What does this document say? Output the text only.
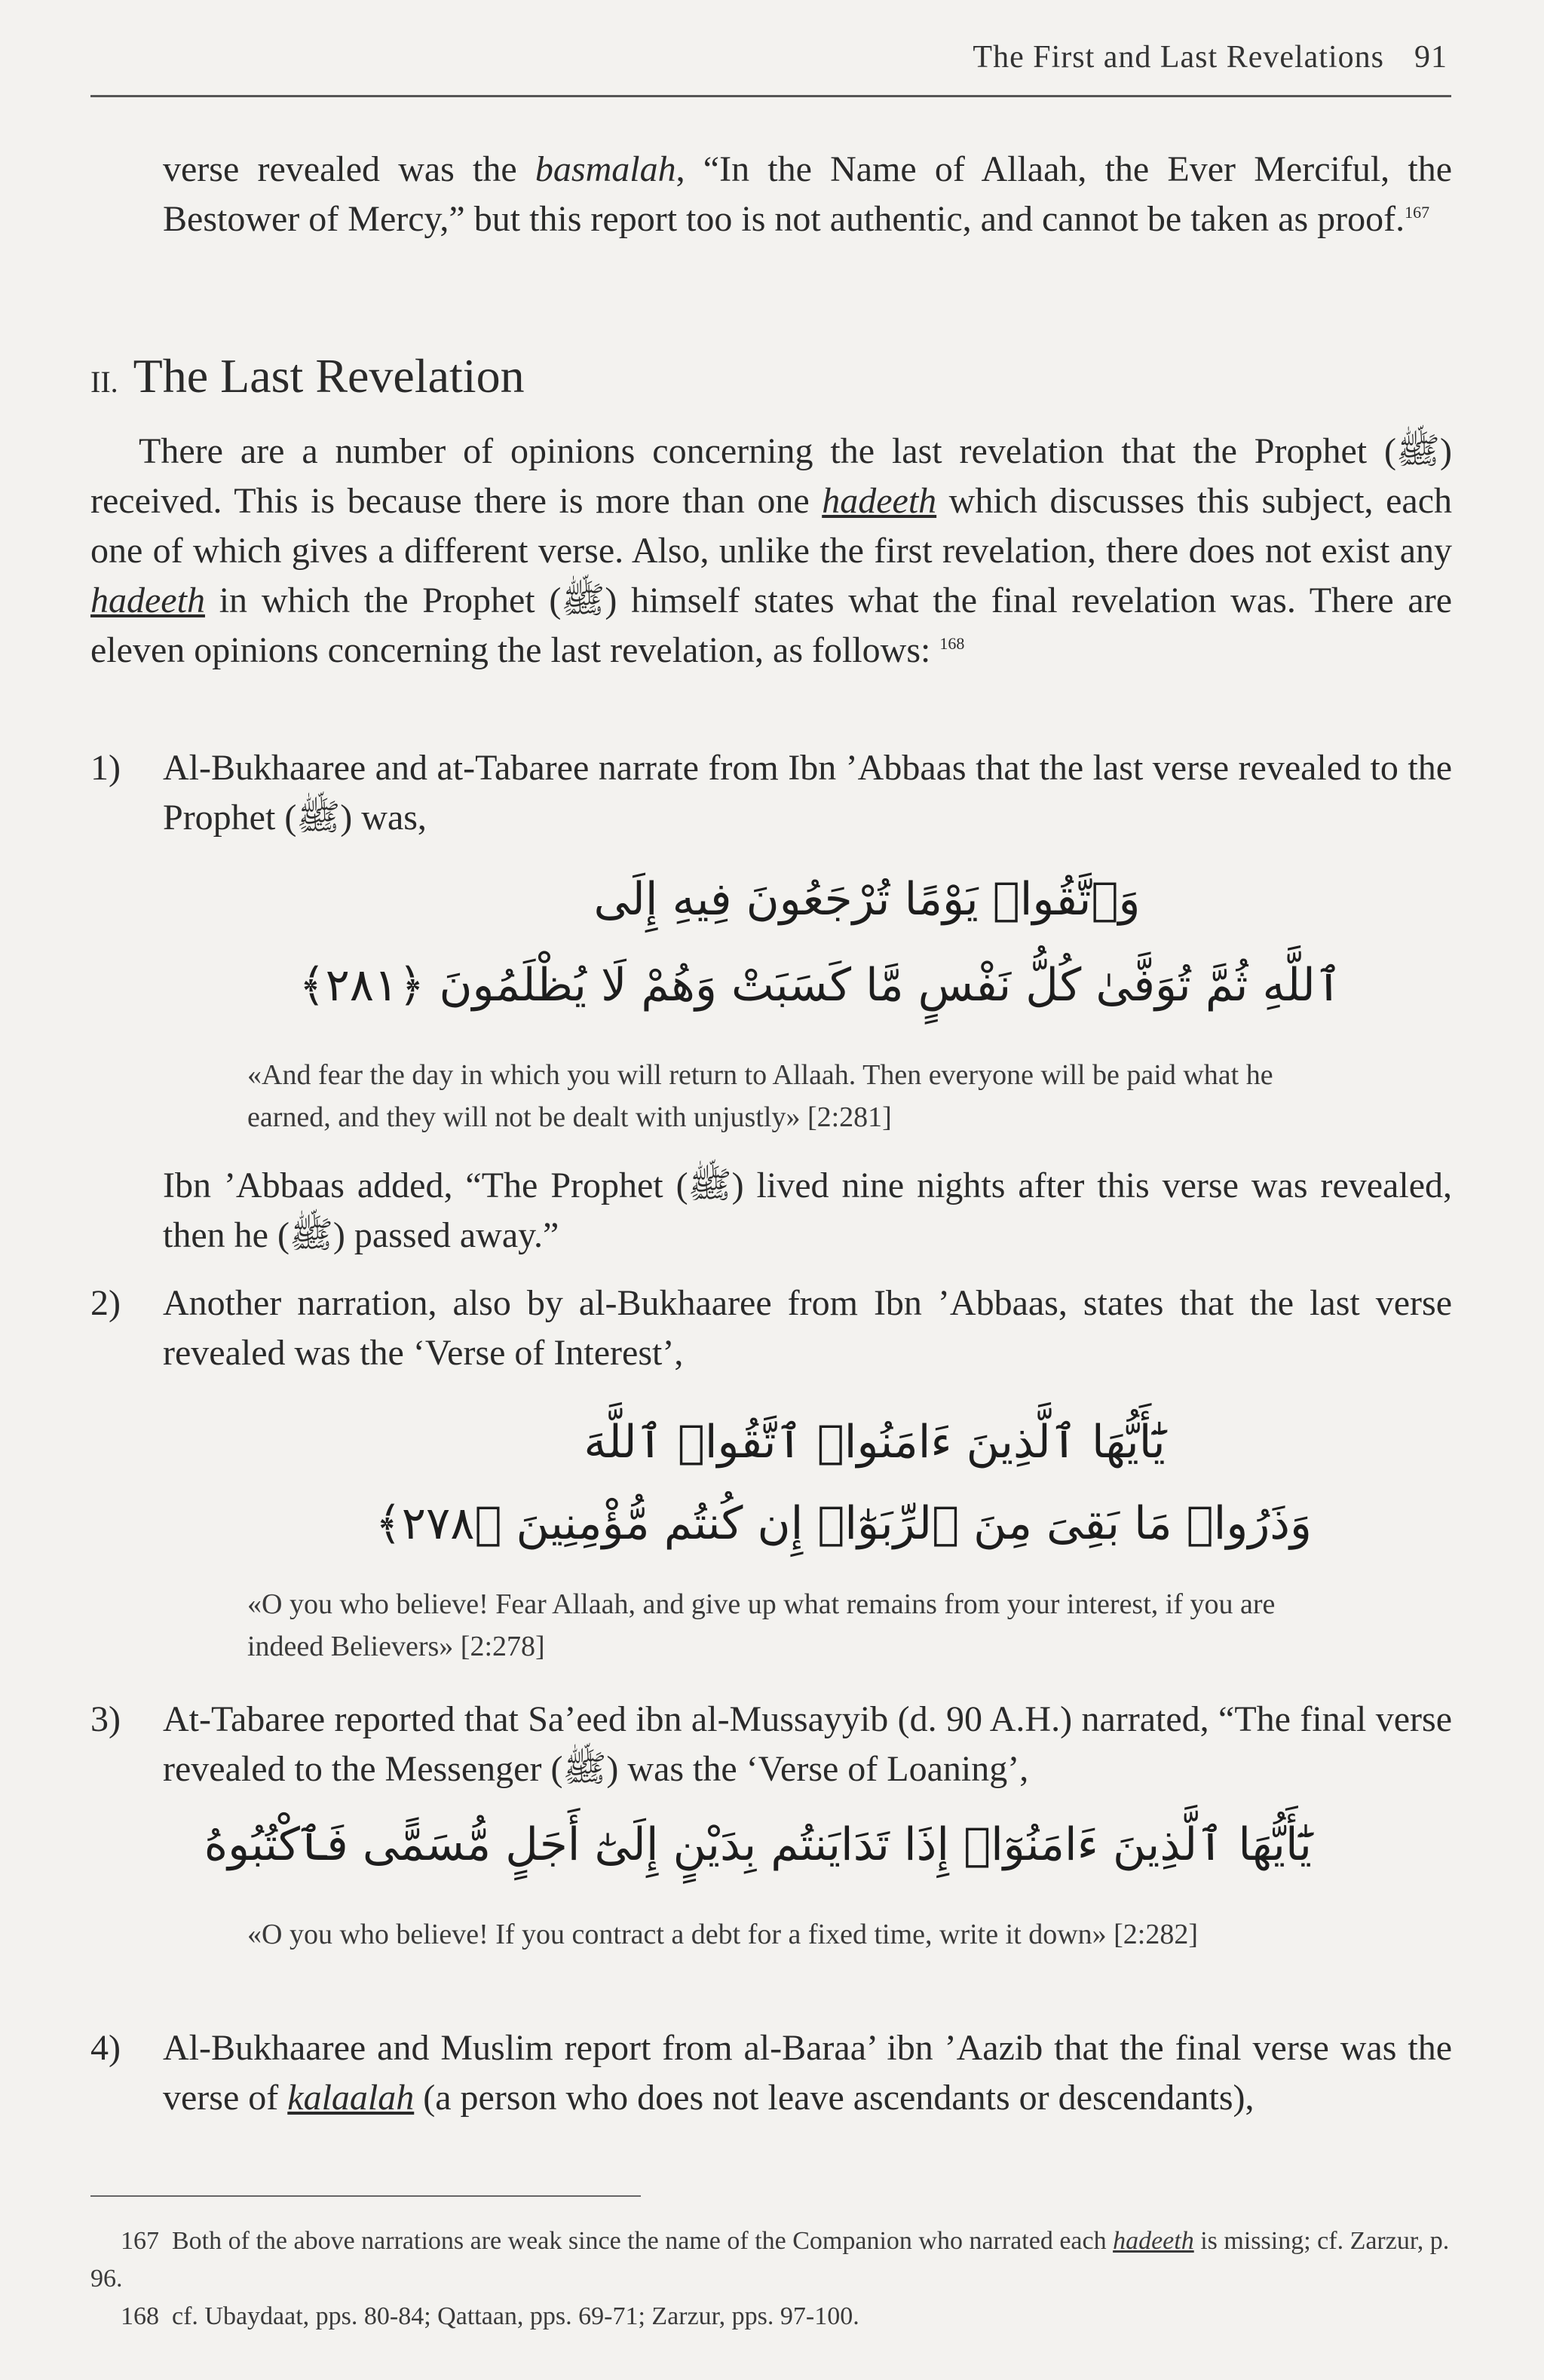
The First and Last Revelations 91
verse revealed was the basmalah, “In the Name of Allaah, the Ever Merciful, the Bestower of Mercy,” but this report too is not authentic, and cannot be taken as proof.$^{167}$
II. The Last Revelation
There are a number of opinions concerning the last revelation that the Prophet (ﷺ) received. This is because there is more than one hadeeth which discusses this subject, each one of which gives a different verse. Also, unlike the first revelation, there does not exist any hadeeth in which the Prophet (ﷺ) himself states what the final revelation was. There are eleven opinions concerning the last revelation, as follows: $^{168}$
1) Al-Bukhaaree and at-Tabaree narrate from Ibn ’Abbaas that the last verse revealed to the Prophet (ﷺ) was,
وَٱتَّقُوا۟ يَوْمًا تُرْجَعُونَ فِيهِ إِلَى
ٱللَّهِ ثُمَّ تُوَفَّىٰ كُلُّ نَفْسٍ مَّا كَسَبَتْ وَهُمْ لَا يُظْلَمُونَ ﴿٢٨١﴾
«And fear the day in which you will return to Allaah. Then everyone will be paid what he earned, and they will not be dealt with unjustly» [2:281]
Ibn ’Abbaas added, “The Prophet (ﷺ) lived nine nights after this verse was revealed, then he (ﷺ) passed away.”
2) Another narration, also by al-Bukhaaree from Ibn ’Abbaas, states that the last verse revealed was the ‘Verse of Interest’,
يَٰٓأَيُّهَا ٱلَّذِينَ ءَامَنُوا۟ ٱتَّقُوا۟ ٱللَّهَ
وَذَرُوا۟ مَا بَقِىَ مِنَ ٱلرِّبَوٰٓا۟ إِن كُنتُم مُّؤْمِنِينَ ﴿٢٧٨﴾
«O you who believe! Fear Allaah, and give up what remains from your interest, if you are indeed Believers» [2:278]
3) At-Tabaree reported that Sa’eed ibn al-Mussayyib (d. 90 A.H.) narrated, “The final verse revealed to the Messenger (ﷺ) was the ‘Verse of Loaning’,
يَٰٓأَيُّهَا ٱلَّذِينَ ءَامَنُوٓا۟ إِذَا تَدَايَنتُم بِدَيْنٍ إِلَىٰٓ أَجَلٍ مُّسَمًّى فَٱكْتُبُوهُ
«O you who believe! If you contract a debt for a fixed time, write it down» [2:282]
4) Al-Bukhaaree and Muslim report from al-Baraa’ ibn ’Aazib that the final verse was the verse of kalaalah (a person who does not leave ascendants or descendants),
167 Both of the above narrations are weak since the name of the Companion who narrated each hadeeth is missing; cf. Zarzur, p. 96.
168 cf. Ubaydaat, pps. 80-84; Qattaan, pps. 69-71; Zarzur, pps. 97-100.
